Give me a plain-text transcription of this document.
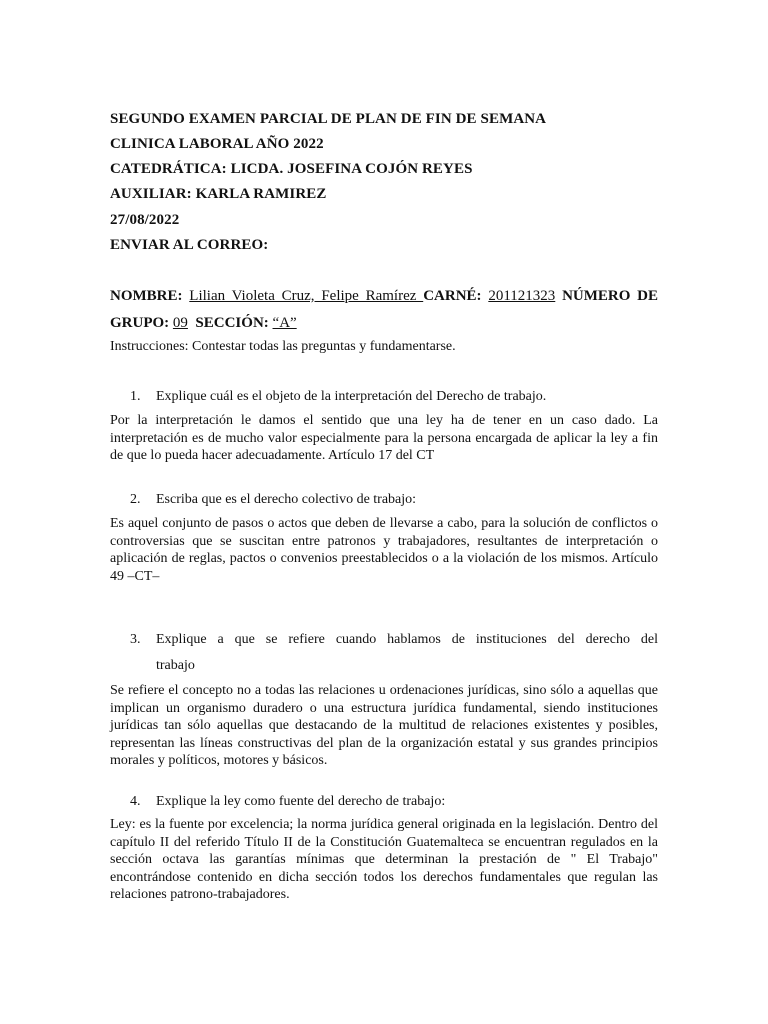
SEGUNDO EXAMEN PARCIAL DE PLAN DE FIN DE SEMANA
CLINICA LABORAL AÑO 2022
CATEDRÁTICA: LICDA. JOSEFINA COJÓN REYES
AUXILIAR: KARLA RAMIREZ
27/08/2022
ENVIAR AL CORREO:
NOMBRE: Lilian Violeta Cruz, Felipe Ramírez CARNÉ: 201121323 NÚMERO DE GRUPO: 09 SECCIÓN: “A”
Instrucciones: Contestar todas las preguntas y fundamentarse.
1. Explique cuál es el objeto de la interpretación del Derecho de trabajo.
Por la interpretación le damos el sentido que una ley ha de tener en un caso dado. La interpretación es de mucho valor especialmente para la persona encargada de aplicar la ley a fin de que lo pueda hacer adecuadamente. Artículo 17 del CT
2. Escriba que es el derecho colectivo de trabajo:
Es aquel conjunto de pasos o actos que deben de llevarse a cabo, para la solución de conflictos o controversias que se suscitan entre patronos y trabajadores, resultantes de interpretación o aplicación de reglas, pactos o convenios preestablecidos o a la violación de los mismos. Artículo 49 –CT–
3. Explique a que se refiere cuando hablamos de instituciones del derecho del
trabajo
Se refiere el concepto no a todas las relaciones u ordenaciones jurídicas, sino sólo a aquellas que implican un organismo duradero o una estructura jurídica fundamental, siendo instituciones jurídicas tan sólo aquellas que destacando de la multitud de relaciones existentes y posibles, representan las líneas constructivas del plan de la organización estatal y sus grandes principios morales y políticos, motores y básicos.
4. Explique la ley como fuente del derecho de trabajo:
Ley: es la fuente por excelencia; la norma jurídica general originada en la legislación. Dentro del capítulo II del referido Título II de la Constitución Guatemalteca se encuentran regulados en la sección octava las garantías mínimas que determinan la prestación de " El Trabajo" encontrándose contenido en dicha sección todos los derechos fundamentales que regulan las relaciones patrono-trabajadores.
